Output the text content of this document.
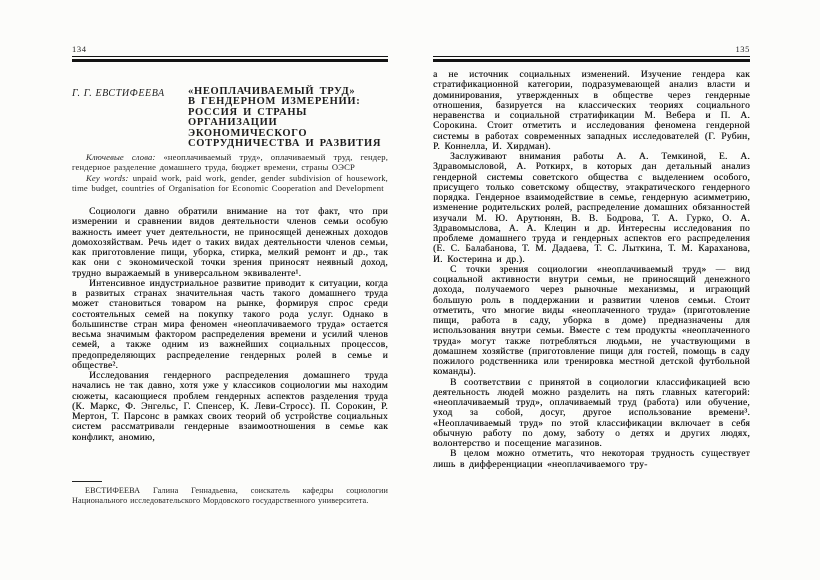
134
Г. Г. ЕВСТИФЕЕВА	«НЕОПЛАЧИВАЕМЫЙ ТРУД»
В ГЕНДЕРНОМ ИЗМЕРЕНИИ:
РОССИЯ И СТРАНЫ
ОРГАНИЗАЦИИ ЭКОНОМИЧЕСКОГО
СОТРУДНИЧЕСТВА И РАЗВИТИЯ

Ключевые слова: «неоплачиваемый труд», оплачиваемый труд, гендер, гендерное разделение домашнего труда, бюджет времени, страны ОЭСР

Key words: unpaid work, paid work, gender, gender subdivision of housework, time budget, countries of Organisation for Economic Cooperation and Development

Социологи давно обратили внимание на тот факт, что при измерении и сравнении видов деятельности членов семьи особую важность имеет учет деятельности, не приносящей денежных доходов домохозяйствам. Речь идет о таких видах деятельности членов семьи, как приготовление пищи, уборка, стирка, мелкий ремонт и др., так как они с экономической точки зрения приносят неявный доход, трудно выражаемый в универсальном эквиваленте¹.

Интенсивное индустриальное развитие приводит к ситуации, когда в развитых странах значительная часть такого домашнего труда может становиться товаром на рынке, формируя спрос среди состоятельных семей на покупку такого рода услуг. Однако в большинстве стран мира феномен «неоплачиваемого труда» остается весьма значимым фактором распределения времени и усилий членов семей, а также одним из важнейших социальных процессов, предопределяющих распределение гендерных ролей в семье и обществе².

Исследования гендерного распределения домашнего труда начались не так давно, хотя уже у классиков социологии мы находим сюжеты, касающиеся проблем гендерных аспектов разделения труда (К. Маркс, Ф. Энгельс, Г. Спенсер, К. Леви-Стросс). П. Сорокин, Р. Мертон, Т. Парсонс в рамках своих теорий об устройстве социальных систем рассматривали гендерные взаимоотношения в семье как конфликт, аномию,

ЕВСТИФЕЕВА Галина Геннадьевна, соискатель кафедры социологии Национального исследовательского Мордовского государственного университета.

135

а не источник социальных изменений. Изучение гендера как стратификационной категории, подразумевающей анализ власти и доминирования, утвержденных в обществе через гендерные отношения, базируется на классических теориях социального неравенства и социальной стратификации М. Вебера и П. А. Сорокина. Стоит отметить и исследования феномена гендерной системы в работах современных западных исследователей (Г. Рубин, Р. Коннелла, И. Хирдман).

Заслуживают внимания работы А. А. Темкиной, Е. А. Здравомысловой, А. Роткирх, в которых дан детальный анализ гендерной системы советского общества с выделением особого, присущего только советскому обществу, этакратического гендерного порядка. Гендерное взаимодействие в семье, гендерную асимметрию, изменение родительских ролей, распределение домашних обязанностей изучали М. Ю. Арутюнян, В. В. Бодрова, Т. А. Гурко, О. А. Здравомыслова, А. А. Клецин и др. Интересны исследования по проблеме домашнего труда и гендерных аспектов его распределения (Е. С. Балабанова, Т. М. Дадаева, Т. С. Лыткина, Т. М. Караханова, И. Костерина и др.).

С точки зрения социологии «неоплачиваемый труд» — вид социальной активности внутри семьи, не приносящий денежного дохода, получаемого через рыночные механизмы, и играющий большую роль в поддержании и развитии членов семьи. Стоит отметить, что многие виды «неоплаченного труда» (приготовление пищи, работа в саду, уборка в доме) предназначены для использования внутри семьи. Вместе с тем продукты «неоплаченного труда» могут также потребляться людьми, не участвующими в домашнем хозяйстве (приготовление пищи для гостей, помощь в саду пожилого родственника или тренировка местной детской футбольной команды).

В соответствии с принятой в социологии классификацией всю деятельность людей можно разделить на пять главных категорий: «неоплачиваемый труд», оплачиваемый труд (работа) или обучение, уход за собой, досуг, другое использование времени³. «Неоплачиваемый труд» по этой классификации включает в себя обычную работу по дому, заботу о детях и других людях, волонтерство и посещение магазинов.

В целом можно отметить, что некоторая трудность существует лишь в дифференциации «неоплачиваемого тру-
